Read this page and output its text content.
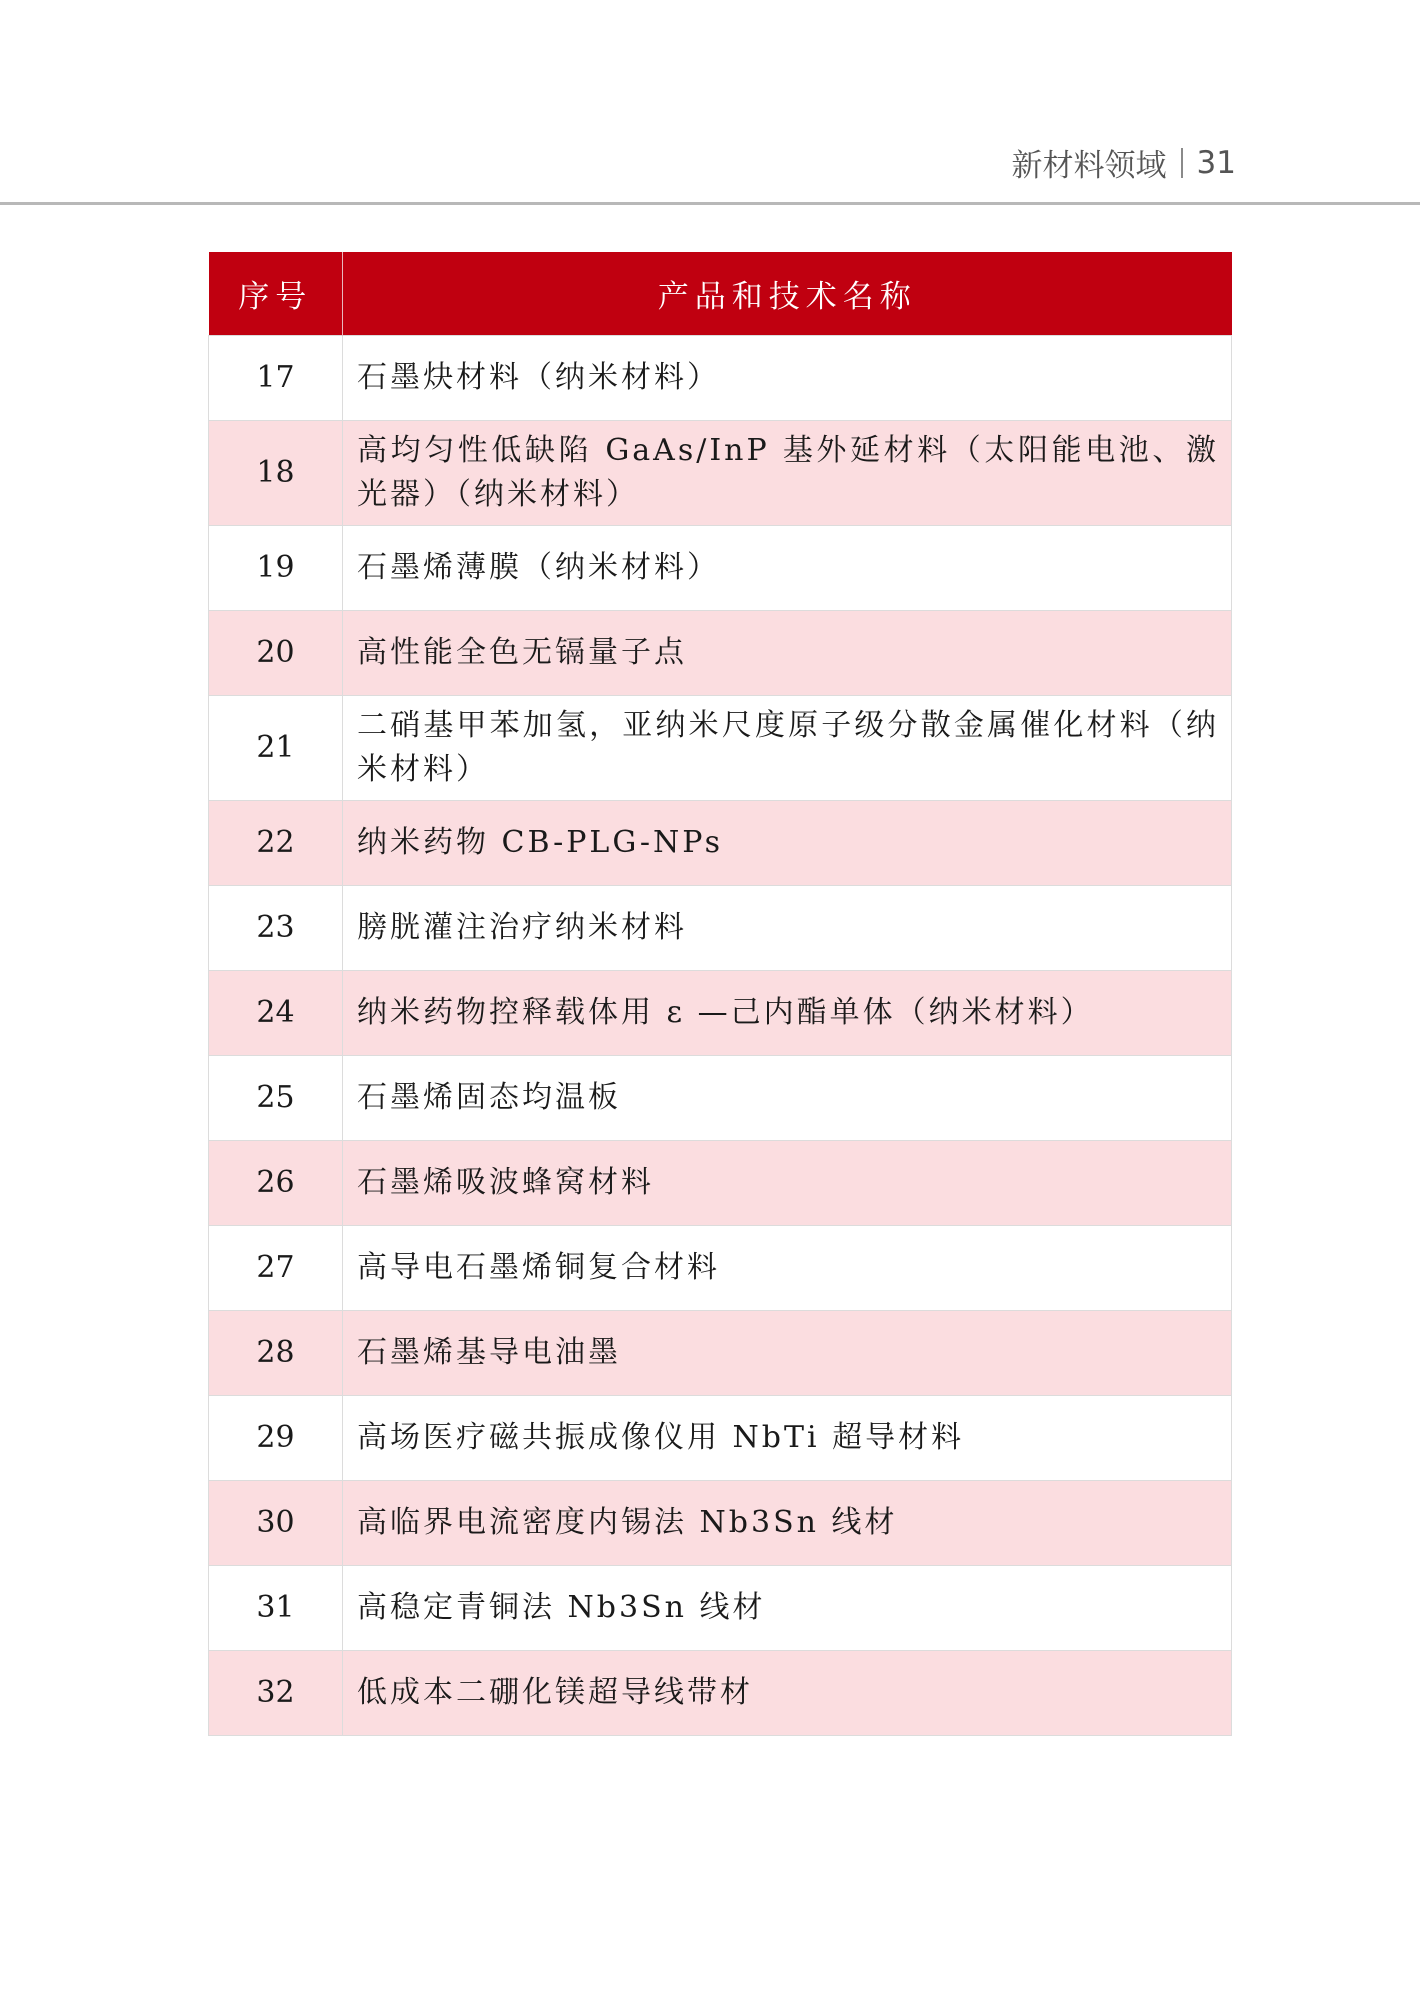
新材料领域 31
序号	产品和技术名称
17	石墨炔材料（纳米材料）
18	高均匀性低缺陷 GaAs/InP 基外延材料（太阳能电池、激光器）（纳米材料）
19	石墨烯薄膜（纳米材料）
20	高性能全色无镉量子点
21	二硝基甲苯加氢，亚纳米尺度原子级分散金属催化材料（纳米材料）
22	纳米药物 CB-PLG-NPs
23	膀胱灌注治疗纳米材料
24	纳米药物控释载体用 ε —己内酯单体（纳米材料）
25	石墨烯固态均温板
26	石墨烯吸波蜂窝材料
27	高导电石墨烯铜复合材料
28	石墨烯基导电油墨
29	高场医疗磁共振成像仪用 NbTi 超导材料
30	高临界电流密度内锡法 Nb3Sn 线材
31	高稳定青铜法 Nb3Sn 线材
32	低成本二硼化镁超导线带材
